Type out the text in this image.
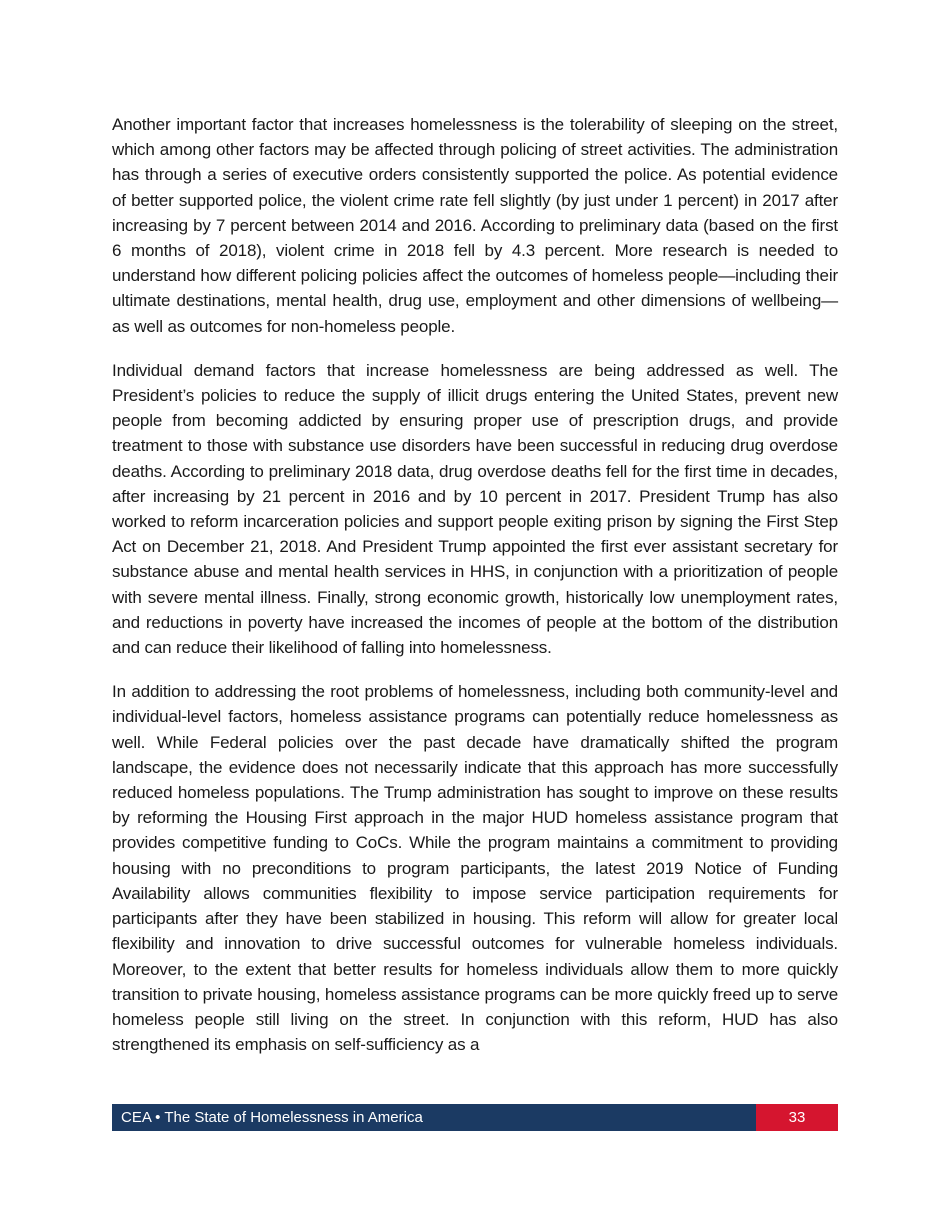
Another important factor that increases homelessness is the tolerability of sleeping on the street, which among other factors may be affected through policing of street activities. The administration has through a series of executive orders consistently supported the police. As potential evidence of better supported police, the violent crime rate fell slightly (by just under 1 percent) in 2017 after increasing by 7 percent between 2014 and 2016. According to preliminary data (based on the first 6 months of 2018), violent crime in 2018 fell by 4.3 percent. More research is needed to understand how different policing policies affect the outcomes of homeless people—including their ultimate destinations, mental health, drug use, employment and other dimensions of wellbeing—as well as outcomes for non-homeless people.

Individual demand factors that increase homelessness are being addressed as well. The President’s policies to reduce the supply of illicit drugs entering the United States, prevent new people from becoming addicted by ensuring proper use of prescription drugs, and provide treatment to those with substance use disorders have been successful in reducing drug overdose deaths. According to preliminary 2018 data, drug overdose deaths fell for the first time in decades, after increasing by 21 percent in 2016 and by 10 percent in 2017. President Trump has also worked to reform incarceration policies and support people exiting prison by signing the First Step Act on December 21, 2018. And President Trump appointed the first ever assistant secretary for substance abuse and mental health services in HHS, in conjunction with a prioritization of people with severe mental illness. Finally, strong economic growth, historically low unemployment rates, and reductions in poverty have increased the incomes of people at the bottom of the distribution and can reduce their likelihood of falling into homelessness.

In addition to addressing the root problems of homelessness, including both community-level and individual-level factors, homeless assistance programs can potentially reduce homelessness as well. While Federal policies over the past decade have dramatically shifted the program landscape, the evidence does not necessarily indicate that this approach has more successfully reduced homeless populations. The Trump administration has sought to improve on these results by reforming the Housing First approach in the major HUD homeless assistance program that provides competitive funding to CoCs. While the program maintains a commitment to providing housing with no preconditions to program participants, the latest 2019 Notice of Funding Availability allows communities flexibility to impose service participation requirements for participants after they have been stabilized in housing. This reform will allow for greater local flexibility and innovation to drive successful outcomes for vulnerable homeless individuals. Moreover, to the extent that better results for homeless individuals allow them to more quickly transition to private housing, homeless assistance programs can be more quickly freed up to serve homeless people still living on the street. In conjunction with this reform, HUD has also strengthened its emphasis on self-sufficiency as a

CEA • The State of Homelessness in America	33
